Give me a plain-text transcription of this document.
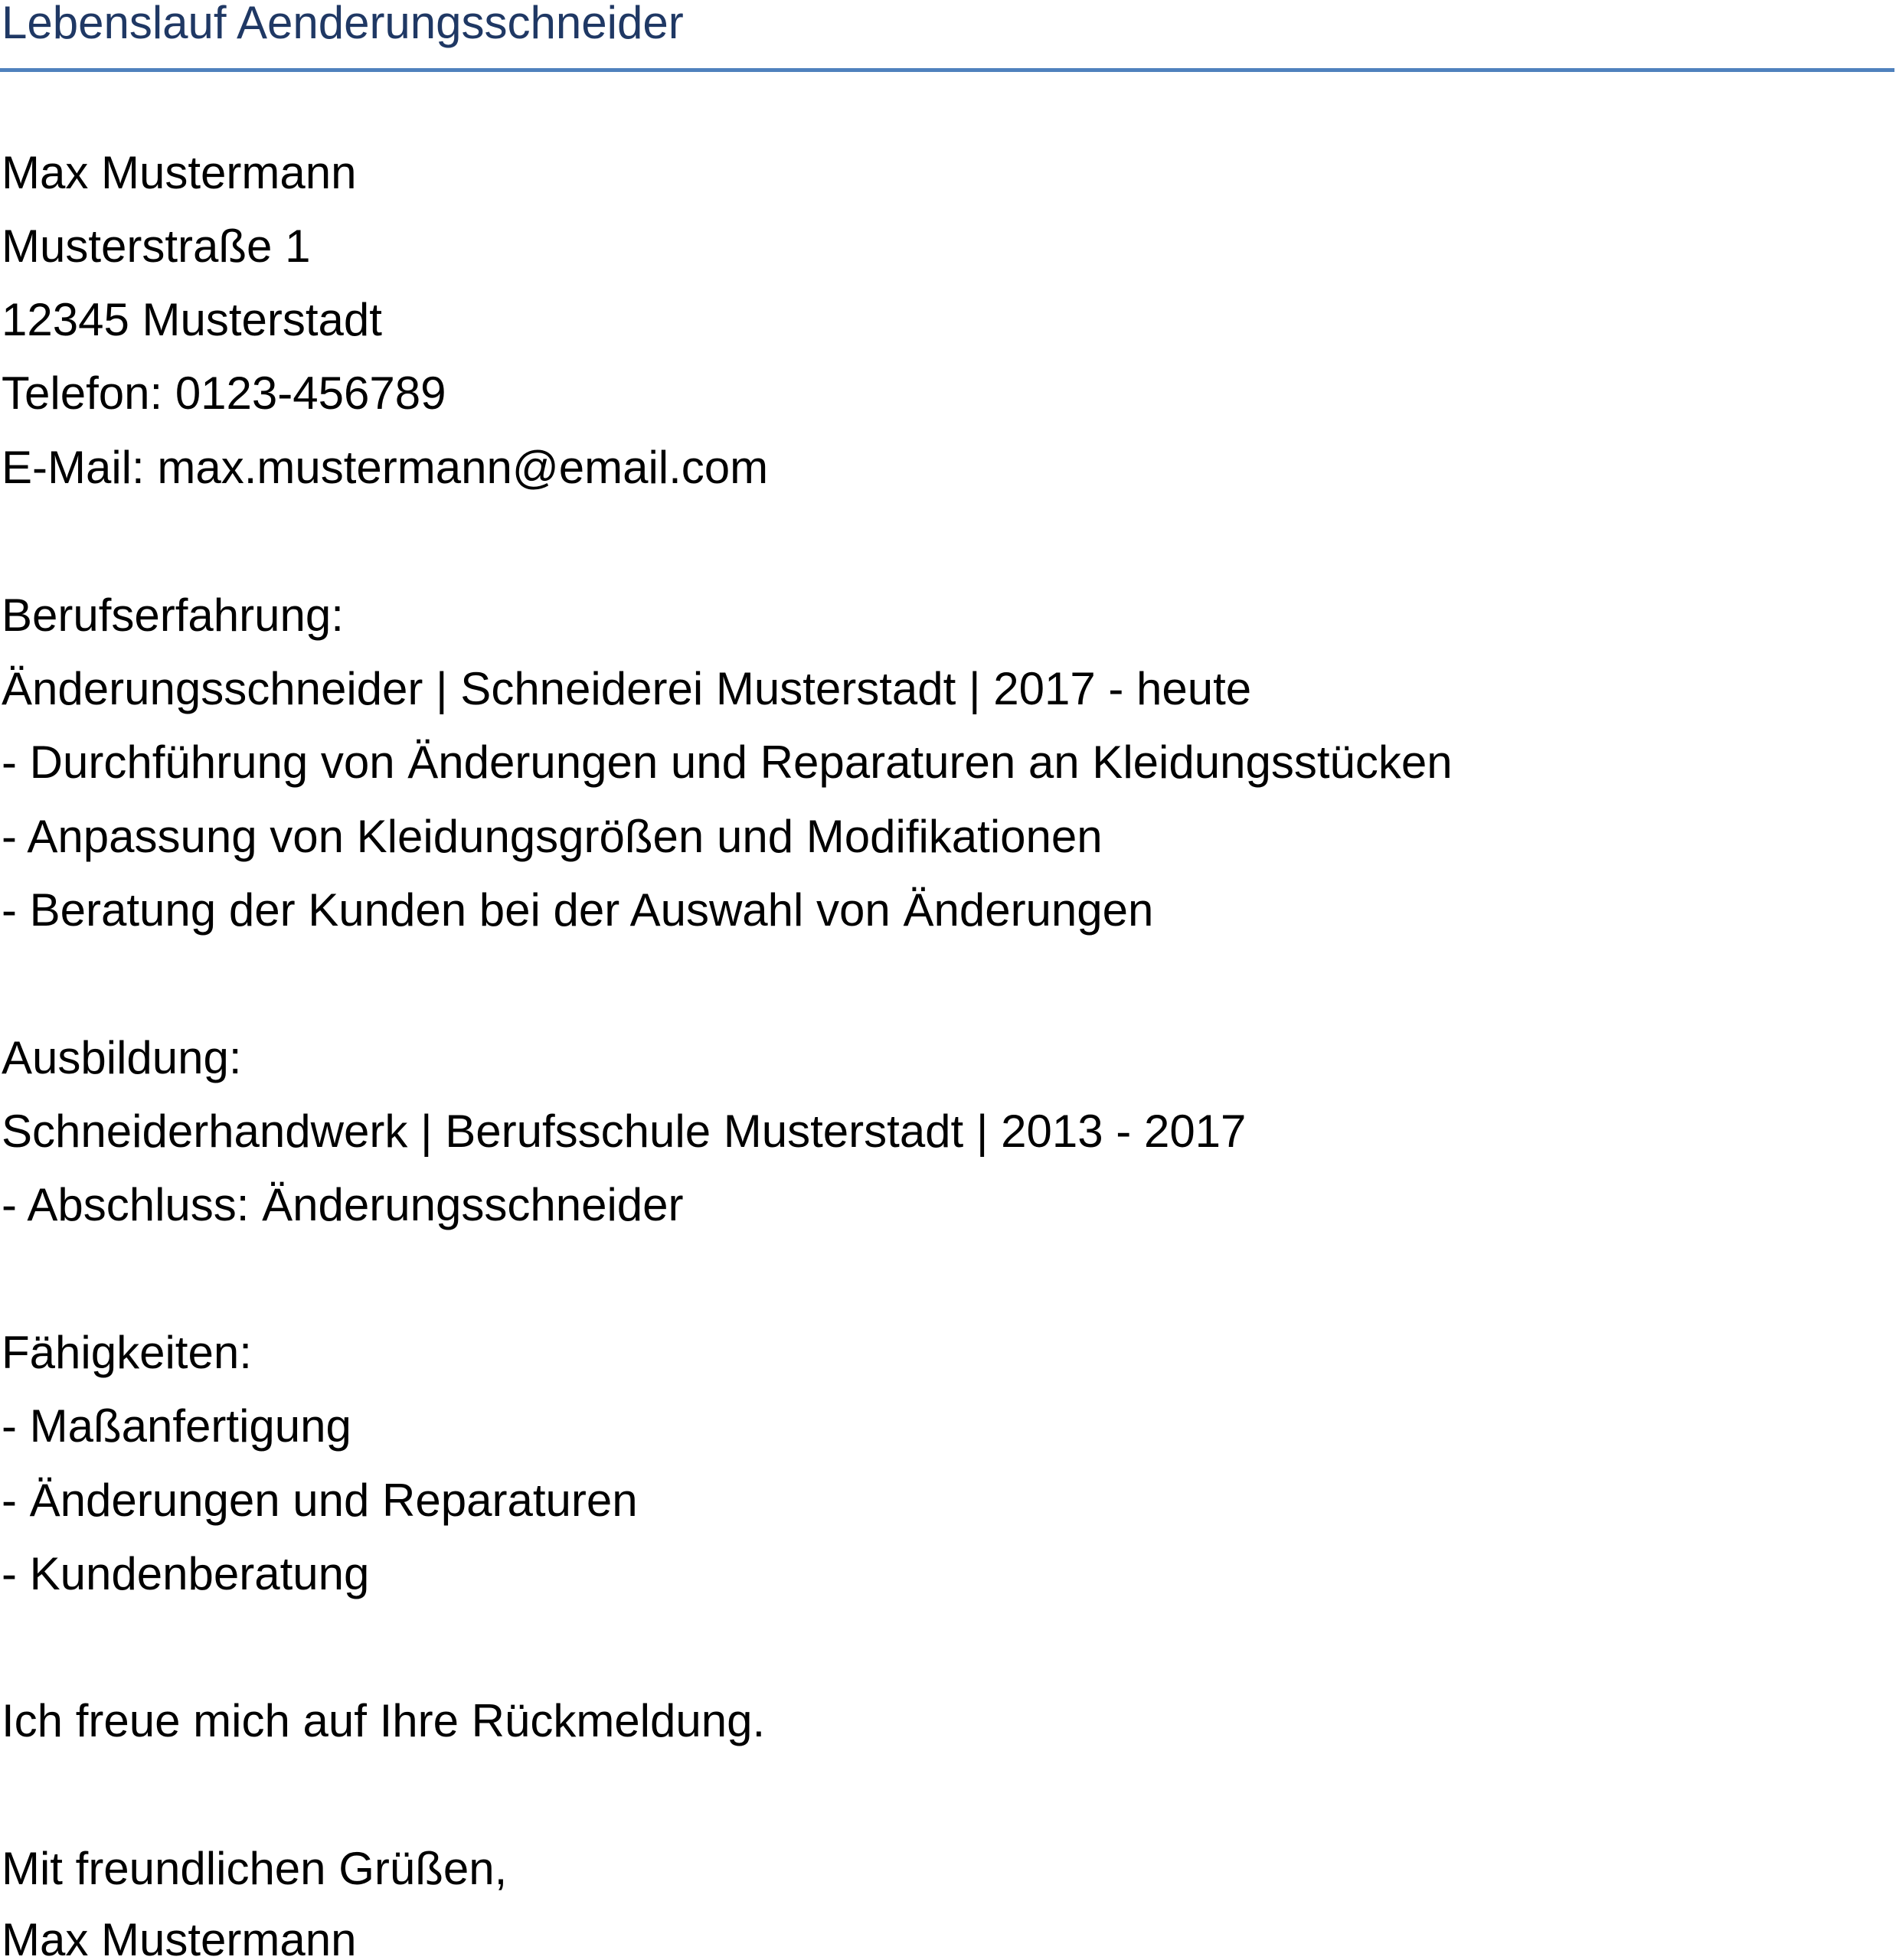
Lebenslauf Aenderungsschneider

Max Mustermann

Musterstraße 1

12345 Musterstadt

Telefon: 0123-456789

E-Mail: max.mustermann@email.com

Berufserfahrung:

Änderungsschneider | Schneiderei Musterstadt | 2017 - heute

- Durchführung von Änderungen und Reparaturen an Kleidungsstücken

- Anpassung von Kleidungsgrößen und Modifikationen

- Beratung der Kunden bei der Auswahl von Änderungen

Ausbildung:

Schneiderhandwerk | Berufsschule Musterstadt | 2013 - 2017

- Abschluss: Änderungsschneider

Fähigkeiten:

- Maßanfertigung

- Änderungen und Reparaturen

- Kundenberatung

Ich freue mich auf Ihre Rückmeldung.

Mit freundlichen Grüßen,

Max Mustermann
